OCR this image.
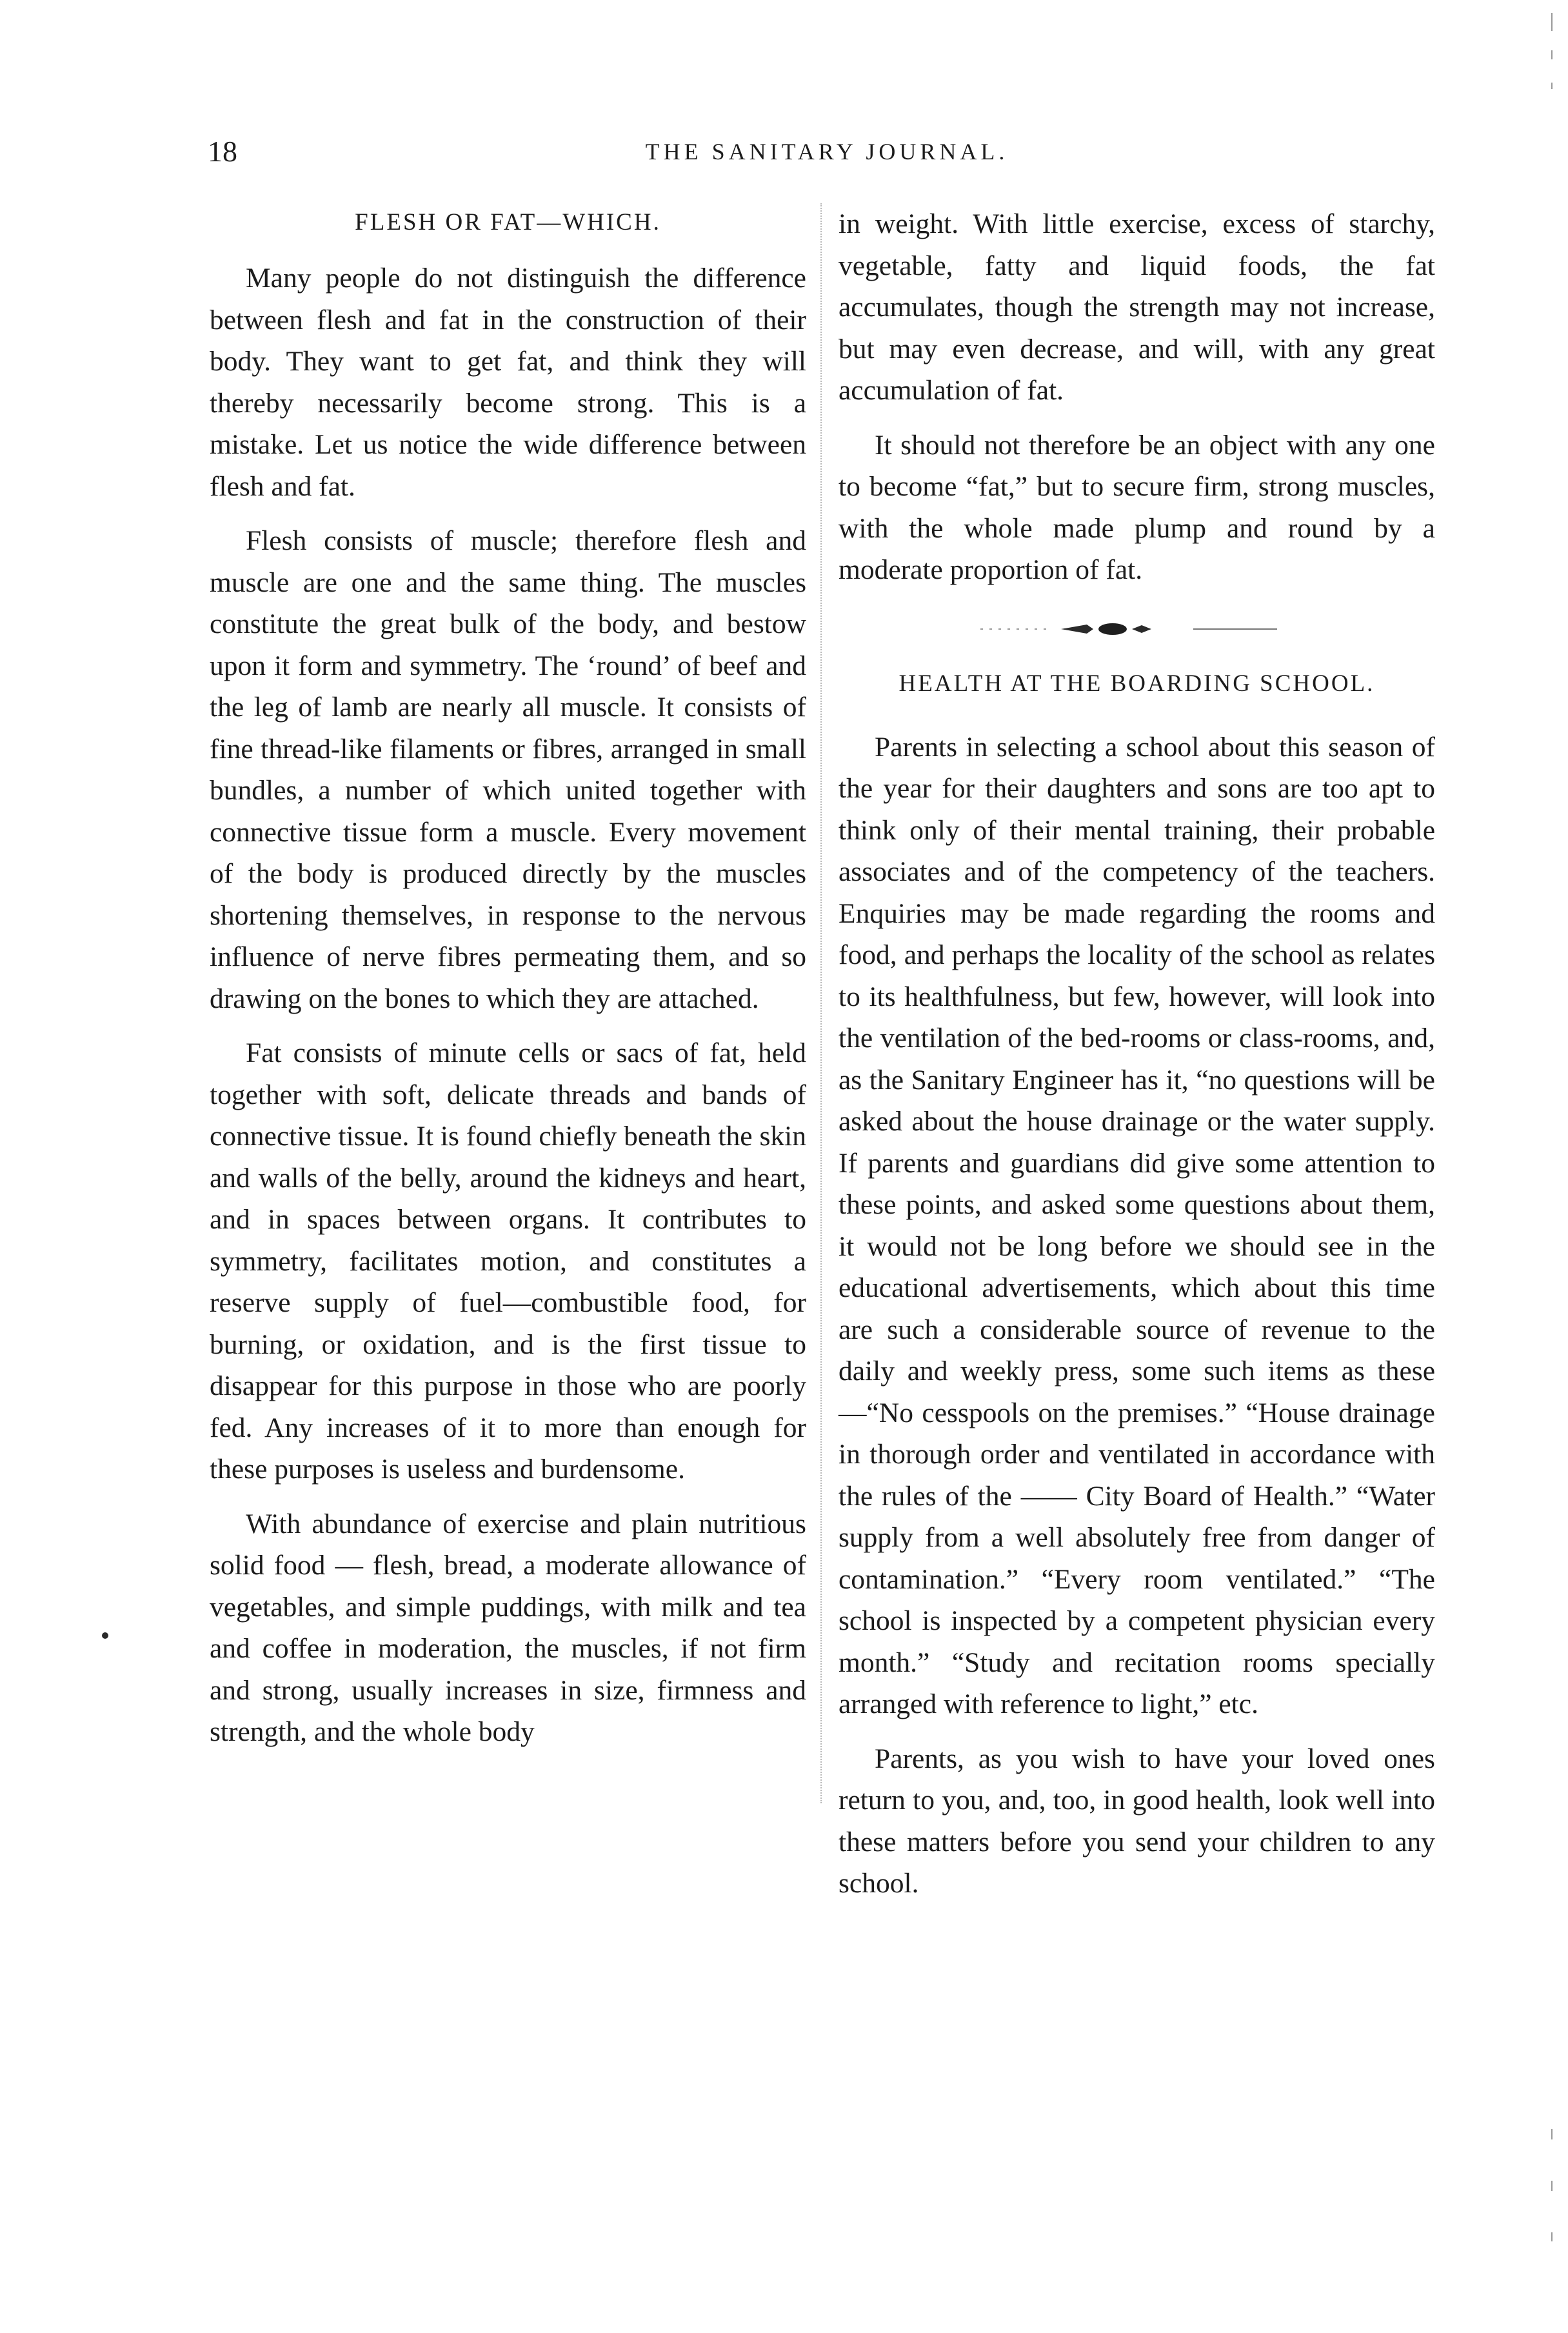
18	THE SANITARY JOURNAL.
FLESH OR FAT—WHICH.

Many people do not distinguish the difference between flesh and fat in the construction of their body. They want to get fat, and think they will thereby necessarily become strong. This is a mistake. Let us notice the wide difference between flesh and fat.

Flesh consists of muscle; therefore flesh and muscle are one and the same thing. The muscles constitute the great bulk of the body, and bestow upon it form and symmetry. The ‘round’ of beef and the leg of lamb are nearly all muscle. It consists of fine thread-like filaments or fibres, arranged in small bundles, a number of which united together with connective tissue form a muscle. Every movement of the body is produced directly by the muscles shortening themselves, in response to the nervous influence of nerve fibres permeating them, and so drawing on the bones to which they are attached.

Fat consists of minute cells or sacs of fat, held together with soft, delicate threads and bands of connective tissue. It is found chiefly beneath the skin and walls of the belly, around the kidneys and heart, and in spaces between organs. It contributes to symmetry, facilitates motion, and constitutes a reserve supply of fuel—combustible food, for burning, or oxidation, and is the first tissue to disappear for this purpose in those who are poorly fed. Any increases of it to more than enough for these purposes is useless and burdensome.

With abundance of exercise and plain nutritious solid food — flesh, bread, a moderate allowance of vegetables, and simple puddings, with milk and tea and coffee in moderation, the muscles, if not firm and strong, usually increases in size, firmness and strength, and the whole body

in weight. With little exercise, excess of starchy, vegetable, fatty and liquid foods, the fat accumulates, though the strength may not increase, but may even decrease, and will, with any great accumulation of fat.

It should not therefore be an object with any one to become “fat,” but to secure firm, strong muscles, with the whole made plump and round by a moderate proportion of fat.

HEALTH AT THE BOARDING SCHOOL.

Parents in selecting a school about this season of the year for their daughters and sons are too apt to think only of their mental training, their probable associates and of the competency of the teachers. Enquiries may be made regarding the rooms and food, and perhaps the locality of the school as relates to its healthfulness, but few, however, will look into the ventilation of the bed-rooms or class-rooms, and, as the Sanitary Engineer has it, “no questions will be asked about the house drainage or the water supply. If parents and guardians did give some attention to these points, and asked some questions about them, it would not be long before we should see in the educational advertisements, which about this time are such a considerable source of revenue to the daily and weekly press, some such items as these—“No cesspools on the premises.” “House drainage in thorough order and ventilated in accordance with the rules of the —— City Board of Health.” “Water supply from a well absolutely free from danger of contamination.” “Every room ventilated.” “The school is inspected by a competent physician every month.” “Study and recitation rooms specially arranged with reference to light,” etc.

Parents, as you wish to have your loved ones return to you, and, too, in good health, look well into these matters before you send your children to any school.
